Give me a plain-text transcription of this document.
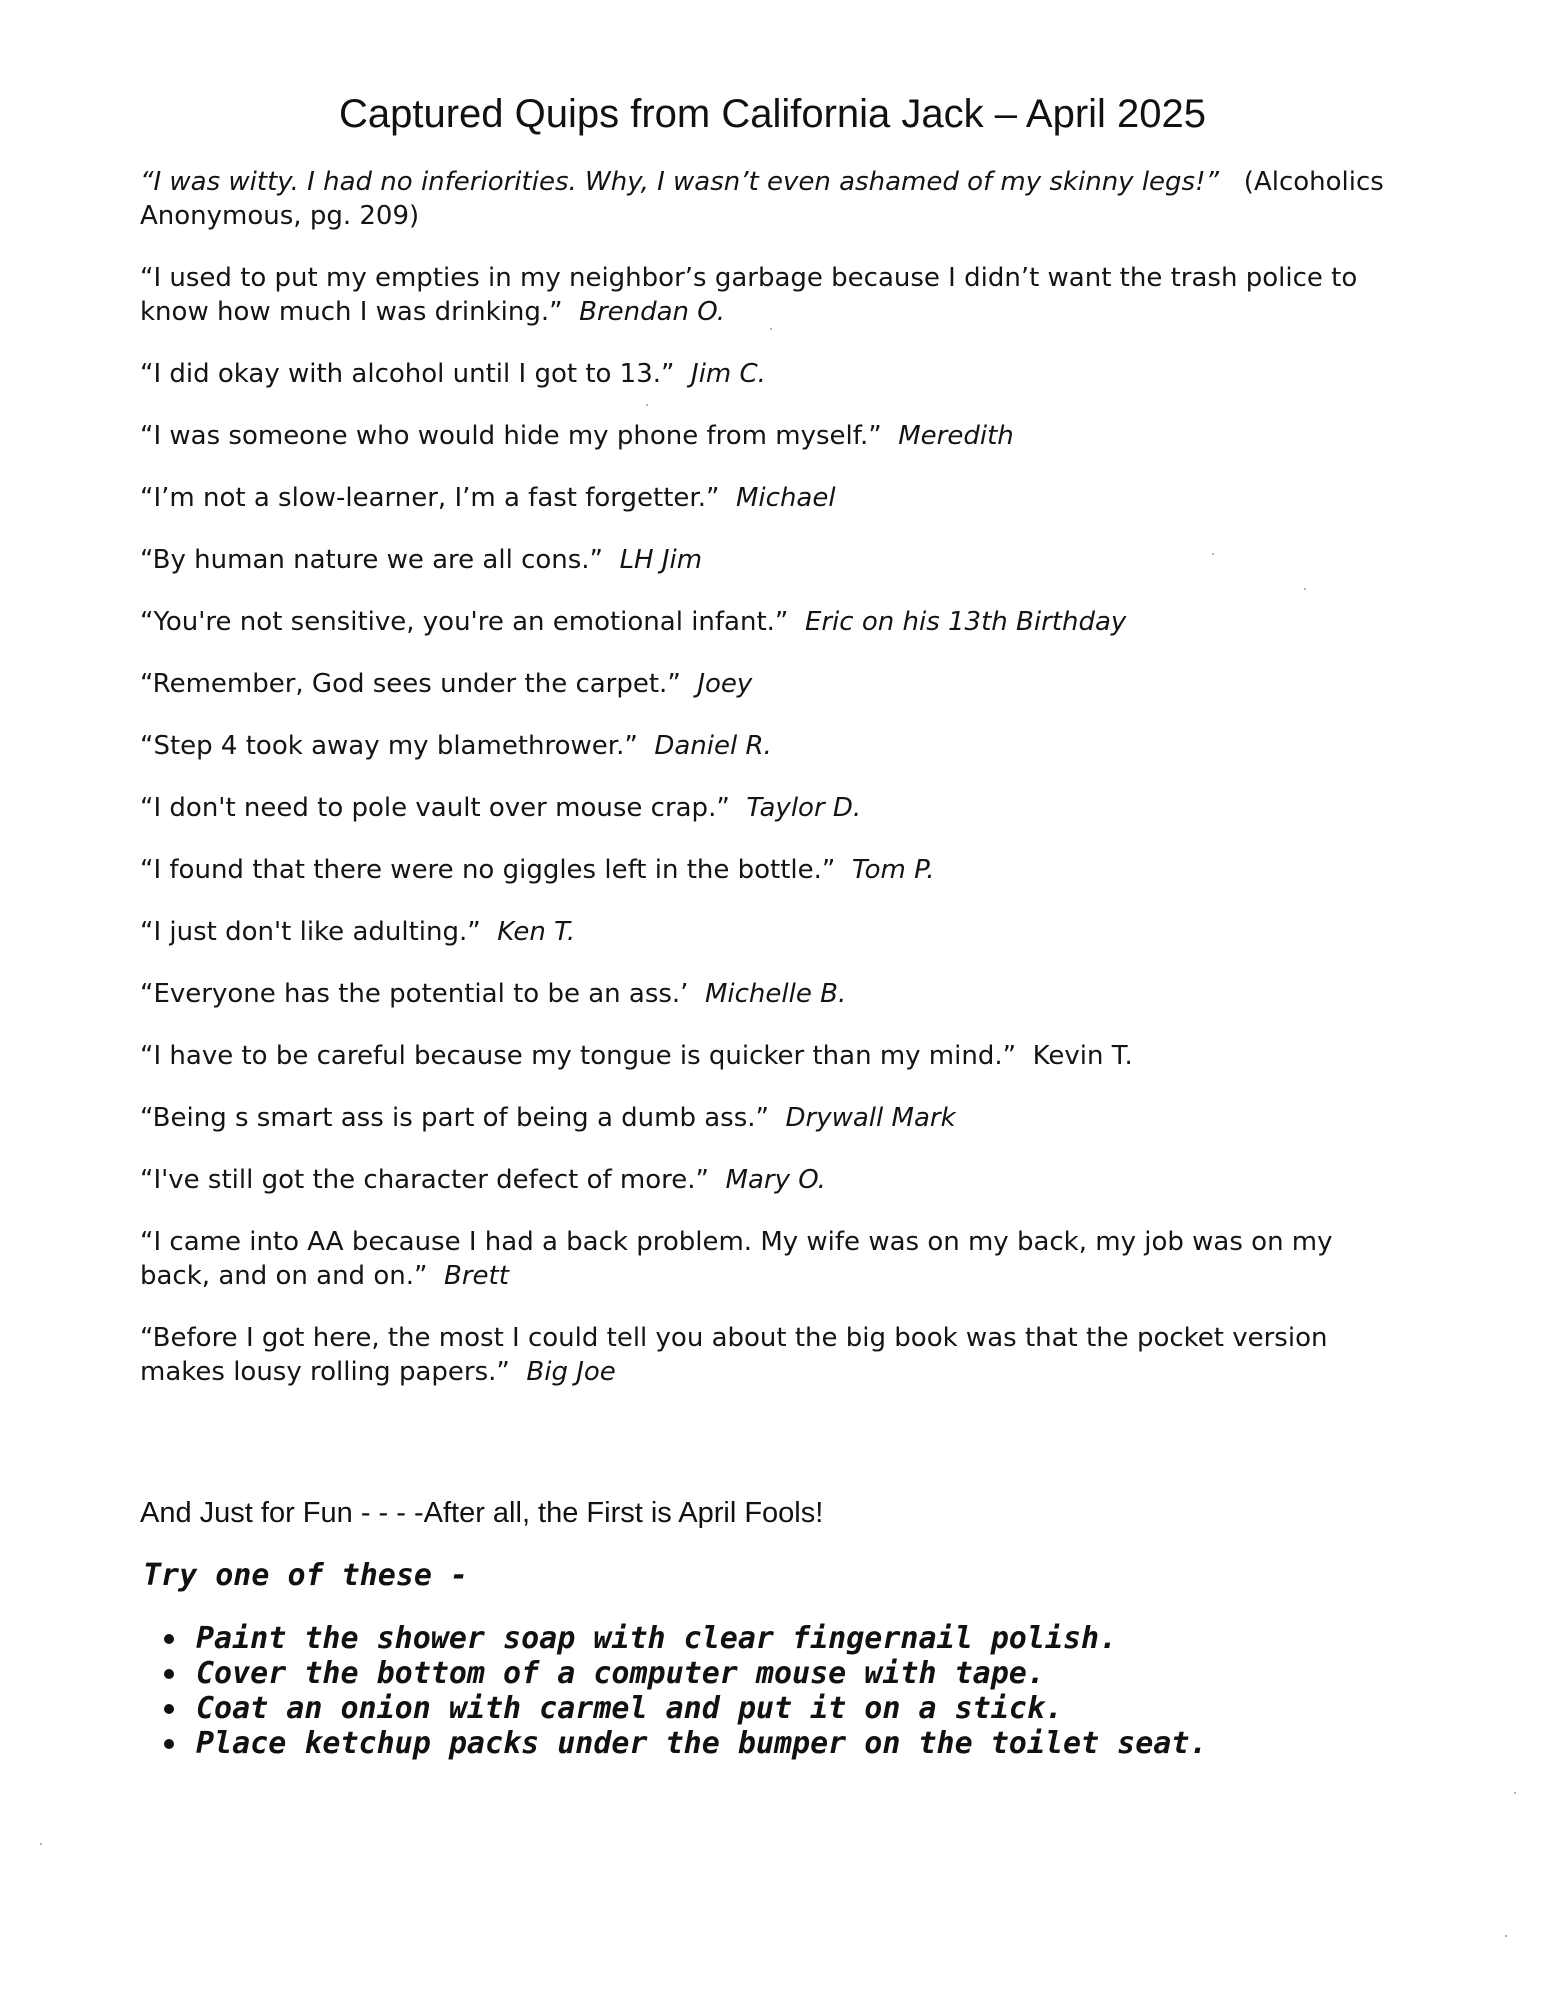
Captured Quips from California Jack – April 2025

“I was witty. I had no inferiorities. Why, I wasn’t even ashamed of my skinny legs!” (Alcoholics Anonymous, pg. 209)

“I used to put my empties in my neighbor’s garbage because I didn’t want the trash police to know how much I was drinking.” Brendan O.

“I did okay with alcohol until I got to 13.” Jim C.

“I was someone who would hide my phone from myself.” Meredith

“I’m not a slow-learner, I’m a fast forgetter.” Michael

“By human nature we are all cons.” LH Jim

“You're not sensitive, you're an emotional infant.” Eric on his 13th Birthday

“Remember, God sees under the carpet.” Joey

“Step 4 took away my blamethrower.” Daniel R.

“I don't need to pole vault over mouse crap.” Taylor D.

“I found that there were no giggles left in the bottle.” Tom P.

“I just don't like adulting.” Ken T.

“Everyone has the potential to be an ass.’ Michelle B.

“I have to be careful because my tongue is quicker than my mind.” Kevin T.

“Being s smart ass is part of being a dumb ass.” Drywall Mark

“I've still got the character defect of more.” Mary O.

“I came into AA because I had a back problem. My wife was on my back, my job was on my back, and on and on.” Brett

“Before I got here, the most I could tell you about the big book was that the pocket version makes lousy rolling papers.” Big Joe

And Just for Fun - - - -After all, the First is April Fools!

Try one of these -

Paint the shower soap with clear fingernail polish.
Cover the bottom of a computer mouse with tape.
Coat an onion with carmel and put it on a stick.
Place ketchup packs under the bumper on the toilet seat.
